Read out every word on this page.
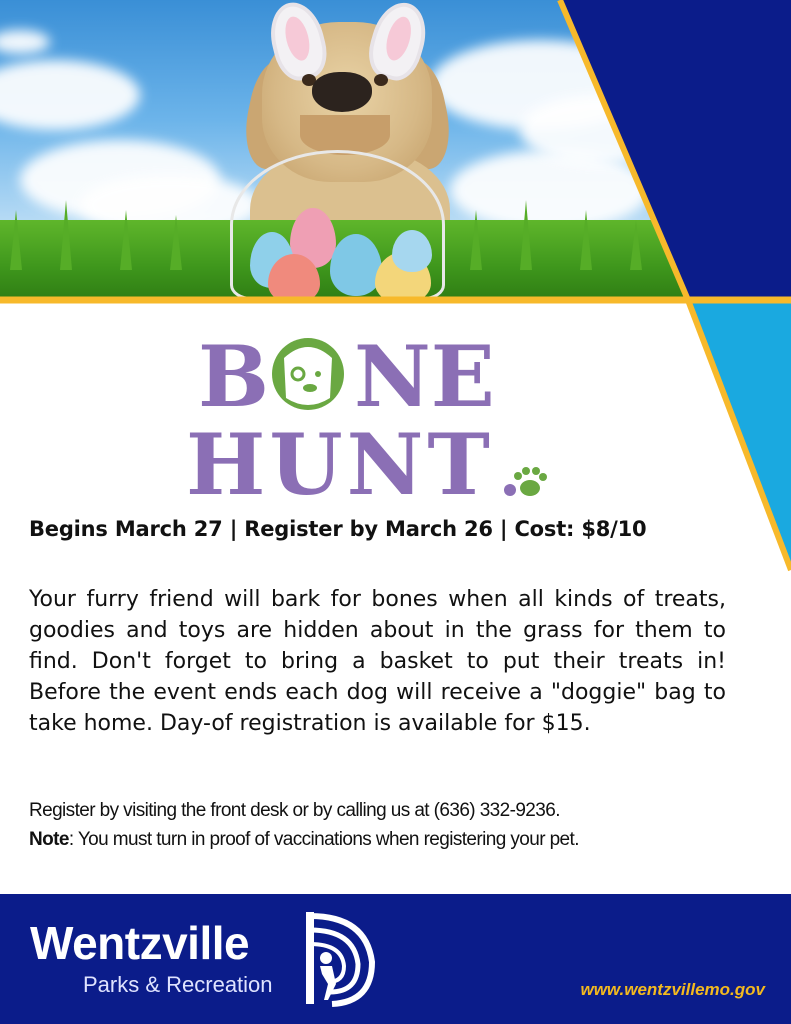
B NE
HUNT
Begins March 27 | Register by March 26 | Cost: $8/10
Your furry friend will bark for bones when all kinds of treats, goodies and toys are hidden about in the grass for them to find. Don't forget to bring a basket to put their treats in! Before the event ends each dog will receive a "doggie" bag to take home. Day-of registration is available for $15.
Register by visiting the front desk or by calling us at (636) 332-9236.
Note: You must turn in proof of vaccinations when registering your pet.
Wentzville
Parks & Recreation	www.wentzvillemo.gov
